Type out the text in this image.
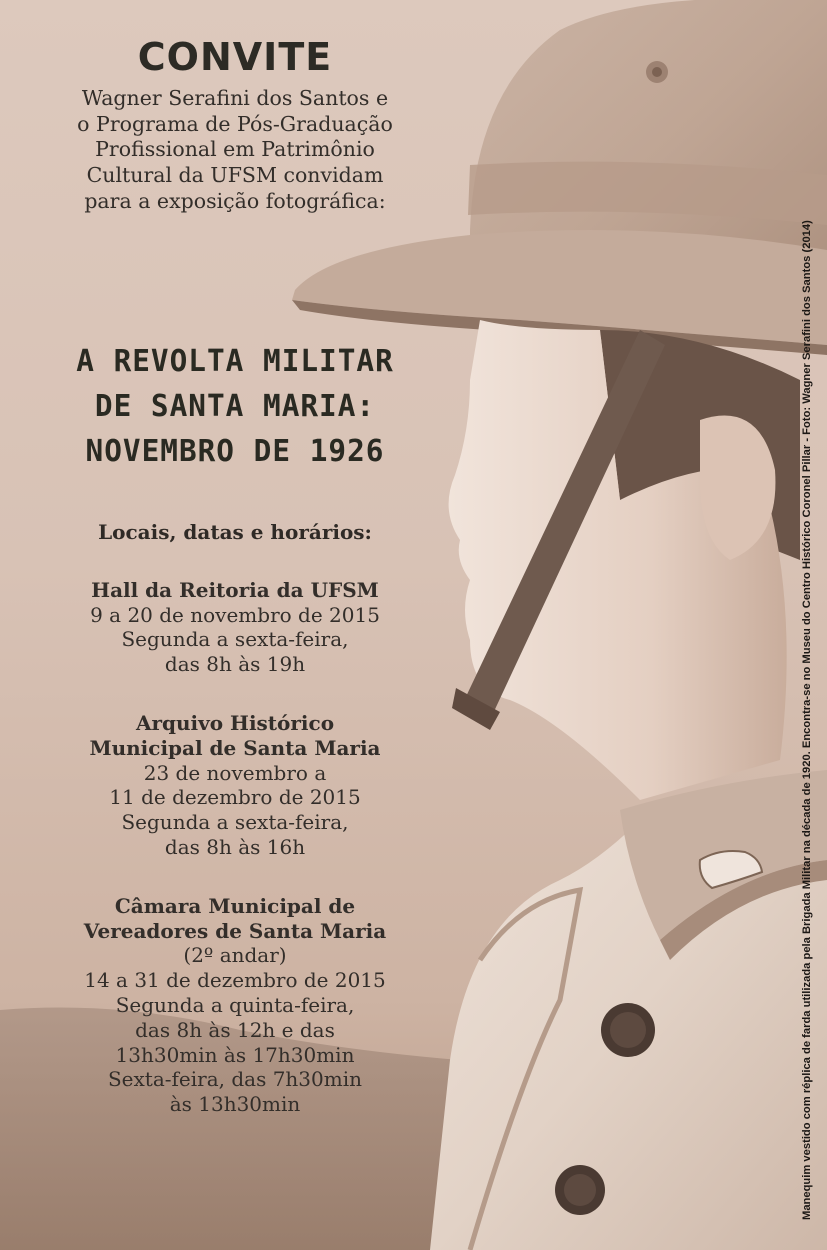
CONVITE
Wagner Serafini dos Santos e
o Programa de Pós-Graduação
Profissional em Patrimônio
Cultural da UFSM convidam
para a exposição fotográfica:
A REVOLTA MILITAR
DE SANTA MARIA:
NOVEMBRO DE 1926
Locais, datas e horários:
Hall da Reitoria da UFSM
9 a 20 de novembro de 2015
Segunda a sexta-feira,
das 8h às 19h
Arquivo Histórico
Municipal de Santa Maria
23 de novembro a
11 de dezembro de 2015
Segunda a sexta-feira,
das 8h às 16h
Câmara Municipal de
Vereadores de Santa Maria
(2º andar)
14 a 31 de dezembro de 2015
Segunda a quinta-feira,
das 8h às 12h e das
13h30min às 17h30min
Sexta-feira, das 7h30min
às 13h30min	Manequim vestido com réplica de farda utilizada pela Brigada Militar na década de 1920. Encontra-se no Museu do Centro Histórico Coronel Pillar - Foto: Wagner Serafini dos Santos (2014)
